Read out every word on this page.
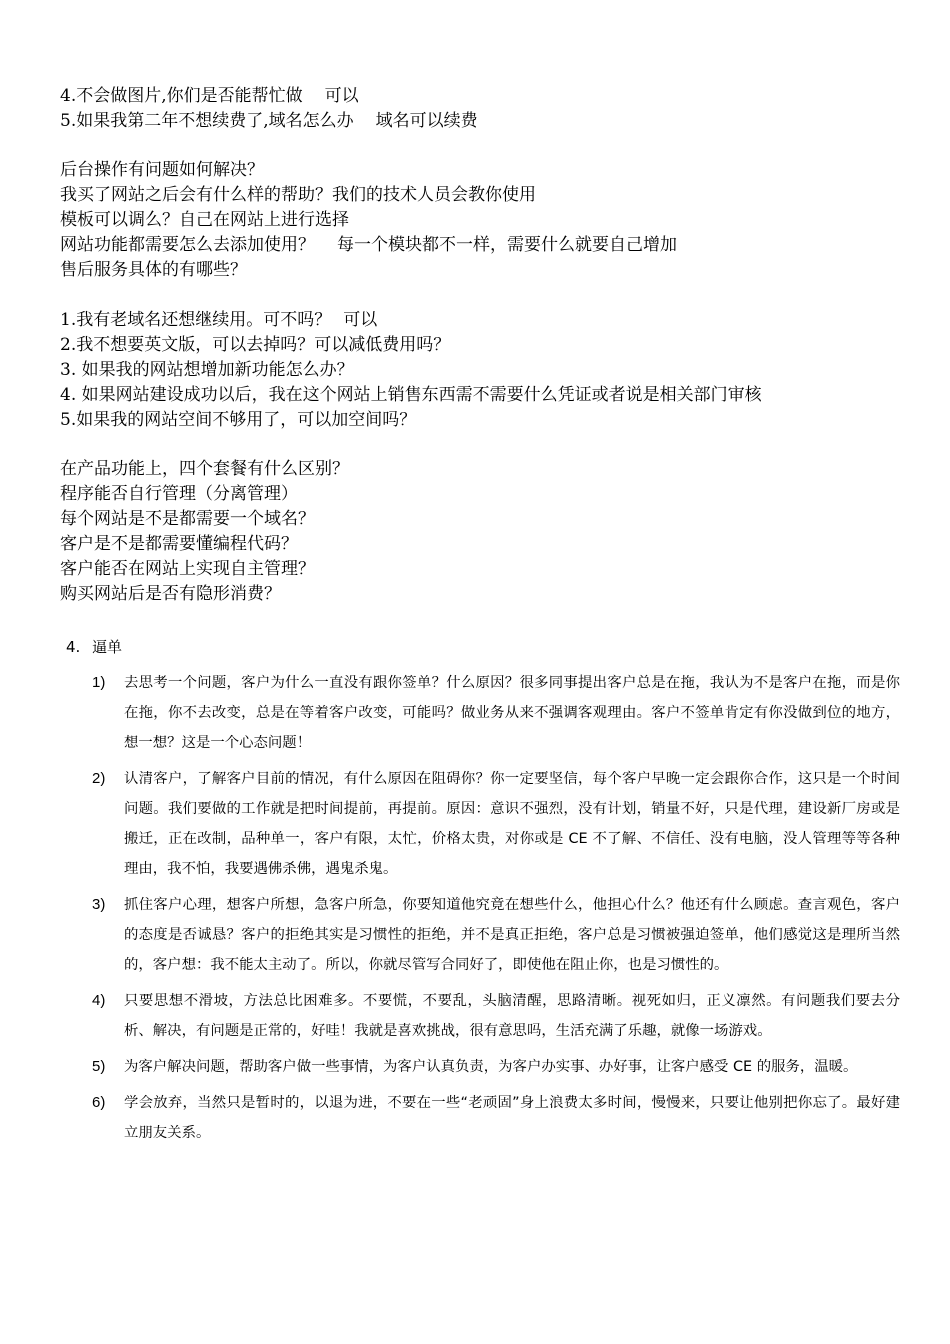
4.不会做图片,你们是否能帮忙做 可以
5.如果我第二年不想续费了,域名怎么办 域名可以续费
后台操作有问题如何解决？
我买了网站之后会有什么样的帮助？我们的技术人员会教你使用
模板可以调么？自己在网站上进行选择
网站功能都需要怎么去添加使用？ 每一个模块都不一样，需要什么就要自己增加
售后服务具体的有哪些？
1.我有老域名还想继续用。可不吗？ 可以
2.我不想要英文版，可以去掉吗？可以减低费用吗？
3. 如果我的网站想增加新功能怎么办？
4. 如果网站建设成功以后，我在这个网站上销售东西需不需要什么凭证或者说是相关部门审核
5.如果我的网站空间不够用了，可以加空间吗？
在产品功能上，四个套餐有什么区别？
程序能否自行管理（分离管理）
每个网站是不是都需要一个域名？
客户是不是都需要懂编程代码？
客户能否在网站上实现自主管理？
购买网站后是否有隐形消费？
4. 逼单
1)	去思考一个问题，客户为什么一直没有跟你签单？什么原因？很多同事提出客户总是在拖，我认为不是客户在拖，而是你在拖，你不去改变，总是在等着客户改变，可能吗？做业务从来不强调客观理由。客户不签单肯定有你没做到位的地方，想一想？这是一个心态问题！
2)	认清客户，了解客户目前的情况，有什么原因在阻碍你？你一定要坚信，每个客户早晚一定会跟你合作，这只是一个时间问题。我们要做的工作就是把时间提前，再提前。原因：意识不强烈，没有计划，销量不好，只是代理，建设新厂房或是搬迁，正在改制，品种单一，客户有限，太忙，价格太贵，对你或是 CE 不了解、不信任、没有电脑，没人管理等等各种理由，我不怕，我要遇佛杀佛，遇鬼杀鬼。
3)	抓住客户心理，想客户所想，急客户所急，你要知道他究竟在想些什么，他担心什么？他还有什么顾虑。查言观色，客户的态度是否诚恳？客户的拒绝其实是习惯性的拒绝，并不是真正拒绝，客户总是习惯被强迫签单，他们感觉这是理所当然的，客户想：我不能太主动了。所以，你就尽管写合同好了，即使他在阻止你，也是习惯性的。
4)	只要思想不滑坡，方法总比困难多。不要慌，不要乱，头脑清醒，思路清晰。视死如归，正义凛然。有问题我们要去分析、解决，有问题是正常的，好哇！我就是喜欢挑战，很有意思吗，生活充满了乐趣，就像一场游戏。
5)	为客户解决问题，帮助客户做一些事情，为客户认真负责，为客户办实事、办好事，让客户感受 CE 的服务，温暖。
6)	学会放弃，当然只是暂时的，以退为进，不要在一些“老顽固”身上浪费太多时间，慢慢来，只要让他别把你忘了。最好建立朋友关系。
